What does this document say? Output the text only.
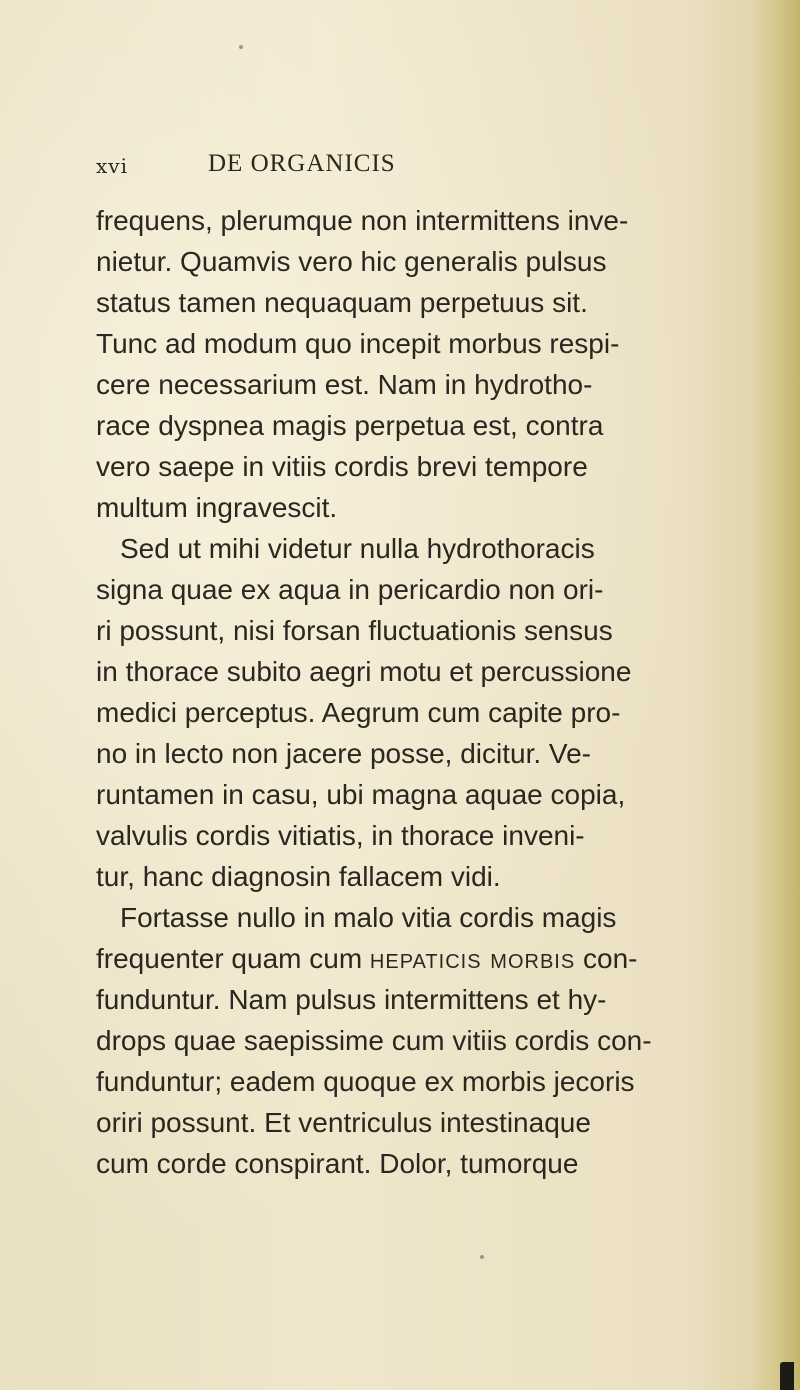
xvi	DE ORGANICIS
frequens, plerumque non intermittens inve-
nietur. Quamvis vero hic generalis pulsus
status tamen nequaquam perpetuus sit.
Tunc ad modum quo incepit morbus respi-
cere necessarium est. Nam in hydrotho-
race dyspnea magis perpetua est, contra
vero saepe in vitiis cordis brevi tempore
multum ingravescit.
Sed ut mihi videtur nulla hydrothoracis
signa quae ex aqua in pericardio non ori-
ri possunt, nisi forsan fluctuationis sensus
in thorace subito aegri motu et percussione
medici perceptus. Aegrum cum capite pro-
no in lecto non jacere posse, dicitur. Ve-
runtamen in casu, ubi magna aquae copia,
valvulis cordis vitiatis, in thorace inveni-
tur, hanc diagnosin fallacem vidi.
Fortasse nullo in malo vitia cordis magis
frequenter quam cum hepaticis morbis con-
funduntur. Nam pulsus intermittens et hy-
drops quae saepissime cum vitiis cordis con-
funduntur; eadem quoque ex morbis jecoris
oriri possunt. Et ventriculus intestinaque
cum corde conspirant. Dolor, tumorque
